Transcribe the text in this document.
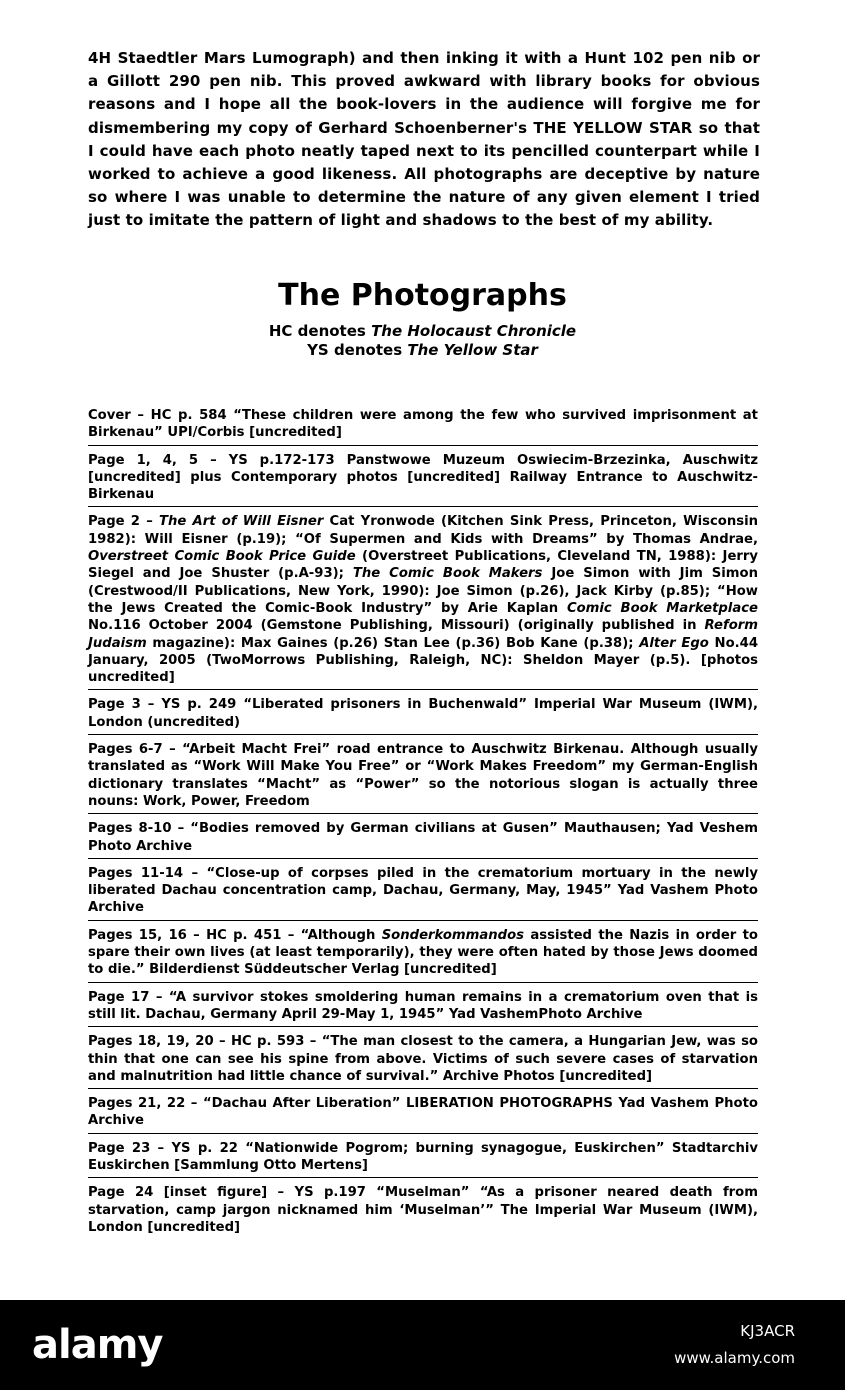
4H Staedtler Mars Lumograph) and then inking it with a Hunt 102 pen nib or a Gillott 290 pen nib. This proved awkward with library books for obvious reasons and I hope all the book-lovers in the audience will forgive me for dismembering my copy of Gerhard Schoenberner's THE YELLOW STAR so that I could have each photo neatly taped next to its pencilled counterpart while I worked to achieve a good likeness. All photographs are deceptive by nature so where I was unable to determine the nature of any given element I tried just to imitate the pattern of light and shadows to the best of my ability.
The Photographs
HC denotes The Holocaust Chronicle
YS denotes The Yellow Star
Cover – HC p. 584 “These children were among the few who survived imprisonment at Birkenau” UPI/Corbis [uncredited]
Page 1, 4, 5 – YS p.172-173 Panstwowe Muzeum Oswiecim-Brzezinka, Auschwitz [uncredited] plus Contemporary photos [uncredited] Railway Entrance to Auschwitz-Birkenau
Page 2 – The Art of Will Eisner Cat Yronwode (Kitchen Sink Press, Princeton, Wisconsin 1982): Will Eisner (p.19); “Of Supermen and Kids with Dreams” by Thomas Andrae, Overstreet Comic Book Price Guide (Overstreet Publications, Cleveland TN, 1988): Jerry Siegel and Joe Shuster (p.A-93); The Comic Book Makers Joe Simon with Jim Simon (Crestwood/II Publications, New York, 1990): Joe Simon (p.26), Jack Kirby (p.85); “How the Jews Created the Comic-Book Industry” by Arie Kaplan Comic Book Marketplace No.116 October 2004 (Gemstone Publishing, Missouri) (originally published in Reform Judaism magazine): Max Gaines (p.26) Stan Lee (p.36) Bob Kane (p.38); Alter Ego No.44 January, 2005 (TwoMorrows Publishing, Raleigh, NC): Sheldon Mayer (p.5). [photos uncredited]
Page 3 – YS p. 249 “Liberated prisoners in Buchenwald” Imperial War Museum (IWM), London (uncredited)
Pages 6-7 – “Arbeit Macht Frei” road entrance to Auschwitz Birkenau. Although usually translated as “Work Will Make You Free” or “Work Makes Freedom” my German-English dictionary translates “Macht” as “Power” so the notorious slogan is actually three nouns: Work, Power, Freedom
Pages 8-10 – “Bodies removed by German civilians at Gusen” Mauthausen; Yad Veshem Photo Archive
Pages 11-14 – “Close-up of corpses piled in the crematorium mortuary in the newly liberated Dachau concentration camp, Dachau, Germany, May, 1945” Yad Vashem Photo Archive
Pages 15, 16 – HC p. 451 – “Although Sonderkommandos assisted the Nazis in order to spare their own lives (at least temporarily), they were often hated by those Jews doomed to die.” Bilderdienst Süddeutscher Verlag [uncredited]
Page 17 – “A survivor stokes smoldering human remains in a crematorium oven that is still lit. Dachau, Germany April 29-May 1, 1945” Yad VashemPhoto Archive
Pages 18, 19, 20 – HC p. 593 – “The man closest to the camera, a Hungarian Jew, was so thin that one can see his spine from above. Victims of such severe cases of starvation and malnutrition had little chance of survival.” Archive Photos [uncredited]
Pages 21, 22 – “Dachau After Liberation” LIBERATION PHOTOGRAPHS Yad Vashem Photo Archive
Page 23 – YS p. 22 “Nationwide Pogrom; burning synagogue, Euskirchen” Stadtarchiv Euskirchen [Sammlung Otto Mertens]
Page 24 [inset figure] – YS p.197 “Muselman” “As a prisoner neared death from starvation, camp jargon nicknamed him ‘Muselman’” The Imperial War Museum (IWM), London [uncredited]
alamy	KJ3ACR
www.alamy.com
